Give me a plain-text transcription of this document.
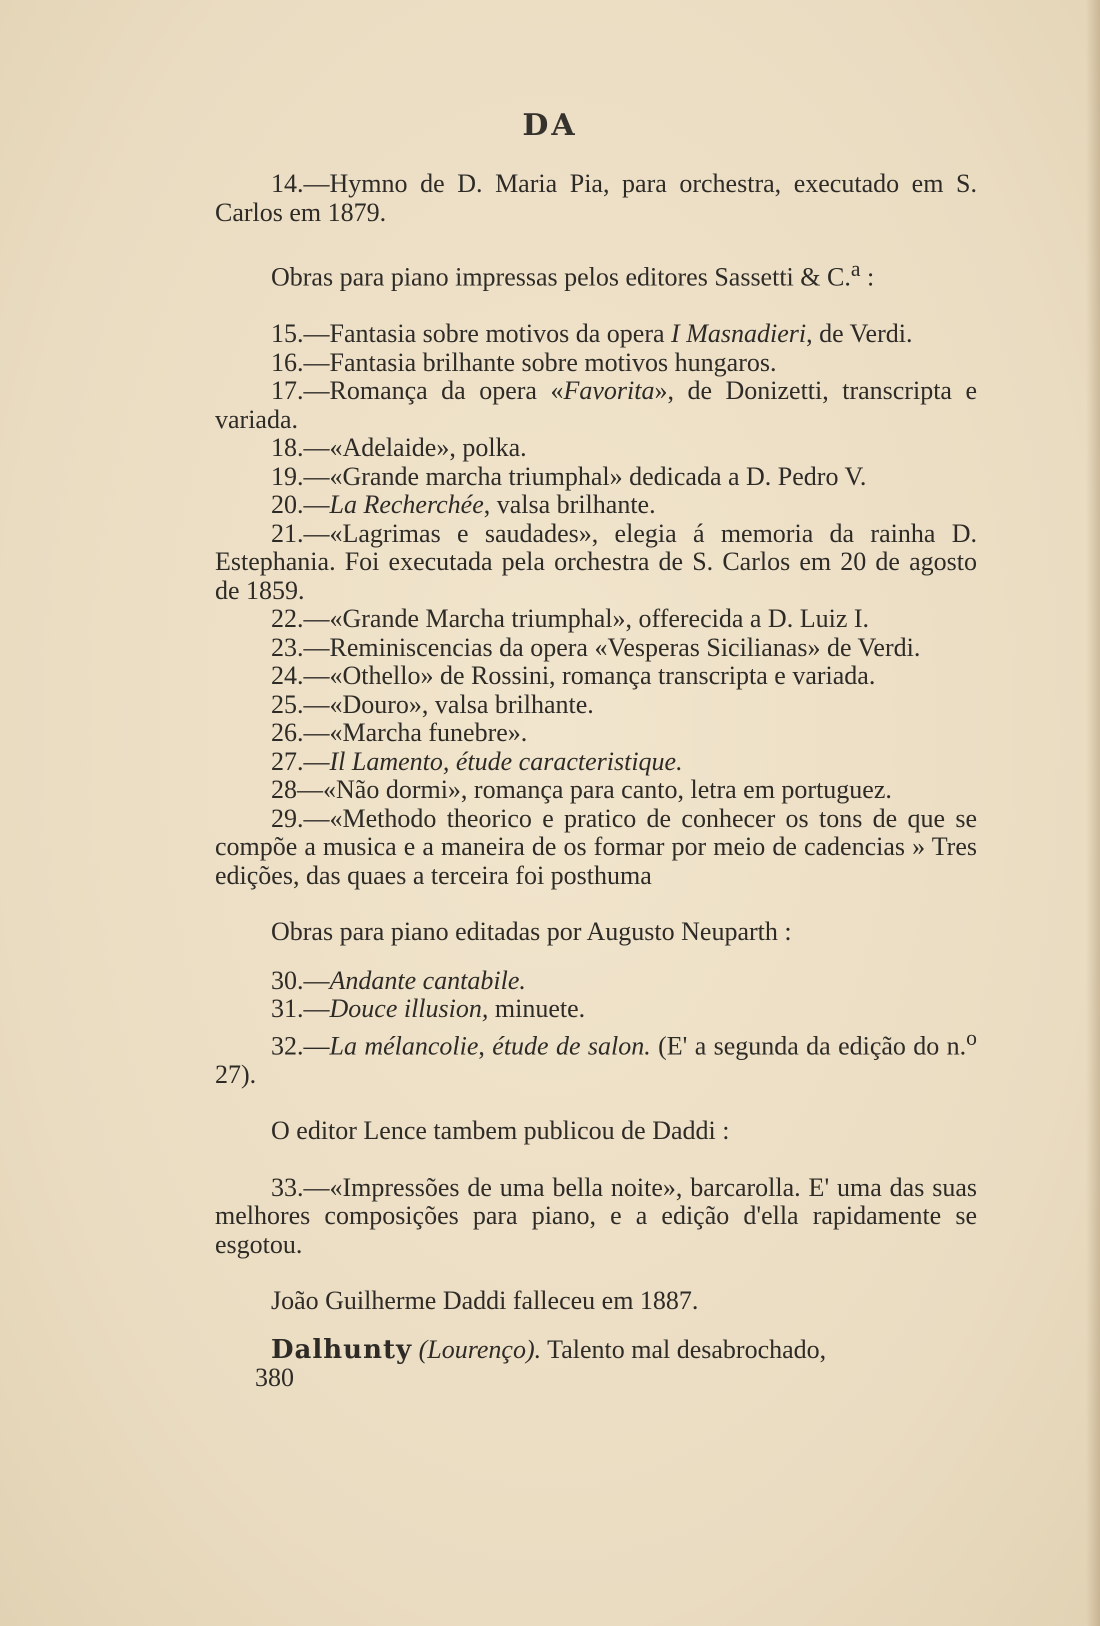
DA

14.—Hymno de D. Maria Pia, para orchestra, executado em S. Carlos em 1879.

Obras para piano impressas pelos editores Sassetti & C.$^a$ :

15.—Fantasia sobre motivos da opera I Masnadieri, de Verdi.

16.—Fantasia brilhante sobre motivos hungaros.

17.—Romança da opera «Favorita», de Donizetti, transcripta e variada.

18.—«Adelaide», polka.

19.—«Grande marcha triumphal» dedicada a D. Pedro V.

20.—La Recherchée, valsa brilhante.

21.—«Lagrimas e saudades», elegia á memoria da rainha D. Estephania. Foi executada pela orchestra de S. Carlos em 20 de agosto de 1859.

22.—«Grande Marcha triumphal», offerecida a D. Luiz I.

23.—Reminiscencias da opera «Vesperas Sicilianas» de Verdi.

24.—«Othello» de Rossini, romança transcripta e variada.

25.—«Douro», valsa brilhante.

26.—«Marcha funebre».

27.—Il Lamento, étude caracteristique.

28—«Não dormi», romança para canto, letra em portuguez.

29.—«Methodo theorico e pratico de conhecer os tons de que se compõe a musica e a maneira de os formar por meio de cadencias » Tres edições, das quaes a terceira foi posthuma

Obras para piano editadas por Augusto Neuparth :

30.—Andante cantabile.

31.—Douce illusion, minuete.

32.—La mélancolie, étude de salon. (E' a segunda da edição do n.$^o$ 27).

O editor Lence tambem publicou de Daddi :

33.—«Impressões de uma bella noite», barcarolla. E' uma das suas melhores composições para piano, e a edição d'ella rapidamente se esgotou.

João Guilherme Daddi falleceu em 1887.

Dalhunty (Lourenço). Talento mal desabrochado,

380
